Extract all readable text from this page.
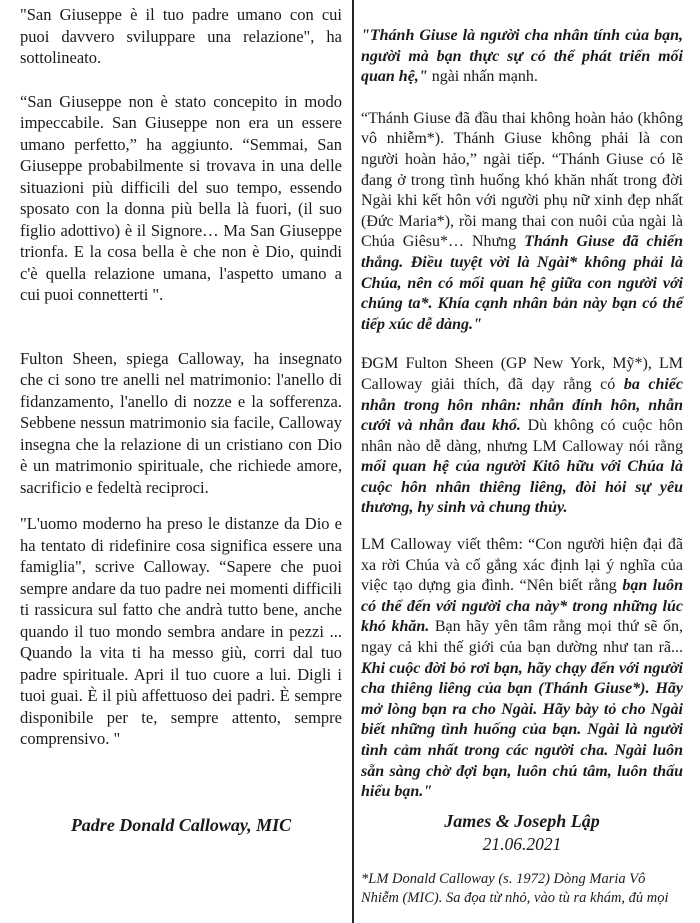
"San Giuseppe è il tuo padre umano con cui puoi davvero sviluppare una relazione", ha sottolineato.

“San Giuseppe non è stato concepito in modo impeccabile. San Giuseppe non era un essere umano perfetto,” ha aggiunto. “Semmai, San Giuseppe probabilmente si trovava in una delle situazioni più difficili del suo tempo, essendo sposato con la donna più bella là fuori, (il suo figlio adottivo) è il Signore… Ma San Giuseppe trionfa. E la cosa bella è che non è Dio, quindi c'è quella relazione umana, l'aspetto umano a cui puoi connetterti ".

Fulton Sheen, spiega Calloway, ha insegnato che ci sono tre anelli nel matrimonio: l'anello di fidanzamento, l'anello di nozze e la sofferenza. Sebbene nessun matrimonio sia facile, Calloway insegna che la relazione di un cristiano con Dio è un matrimonio spirituale, che richiede amore, sacrificio e fedeltà reciproci.

"L'uomo moderno ha preso le distanze da Dio e ha tentato di ridefinire cosa significa essere una famiglia", scrive Calloway. “Sapere che puoi sempre andare da tuo padre nei momenti difficili ti rassicura sul fatto che andrà tutto bene, anche quando il tuo mondo sembra andare in pezzi ... Quando la vita ti ha messo giù, corri dal tuo padre spirituale. Apri il tuo cuore a lui. Digli i tuoi guai. È il più affettuoso dei padri. È sempre disponibile per te, sempre attento, sempre comprensivo. "

Padre Donald Calloway, MIC

"Thánh Giuse là người cha nhân tính của bạn, người mà bạn thực sự có thể phát triển mối quan hệ," ngài nhấn mạnh.

“Thánh Giuse đã đầu thai không hoàn hảo (không vô nhiễm*). Thánh Giuse không phải là con người hoàn hảo,” ngài tiếp. “Thánh Giuse có lẽ đang ở trong tình huống khó khăn nhất trong đời Ngài khi kết hôn với người phụ nữ xinh đẹp nhất (Đức Maria*), rồi mang thai con nuôi của ngài là Chúa Giêsu*… Nhưng Thánh Giuse đã chiến thắng. Điều tuyệt vời là Ngài* không phải là Chúa, nên có mối quan hệ giữa con người với chúng ta*. Khía cạnh nhân bản này bạn có thể tiếp xúc dễ dàng."

ĐGM Fulton Sheen (GP New York, Mỹ*), LM Calloway giải thích, đã dạy rằng có ba chiếc nhẫn trong hôn nhân: nhẫn đính hôn, nhẫn cưới và nhẫn đau khổ. Dù không có cuộc hôn nhân nào dễ dàng, nhưng LM Calloway nói rằng mối quan hệ của người Kitô hữu với Chúa là cuộc hôn nhân thiêng liêng, đòi hỏi sự yêu thương, hy sinh và chung thủy.

LM Calloway viết thêm: “Con người hiện đại đã xa rời Chúa và cố gắng xác định lại ý nghĩa của việc tạo dựng gia đình. “Nên biết rằng bạn luôn có thể đến với người cha này* trong những lúc khó khăn. Bạn hãy yên tâm rằng mọi thứ sẽ ổn, ngay cả khi thế giới của bạn dường như tan rã... Khi cuộc đời bỏ rơi bạn, hãy chạy đến với người cha thiêng liêng của bạn (Thánh Giuse*). Hãy mở lòng bạn ra cho Ngài. Hãy bày tỏ cho Ngài biết những tình huống của bạn. Ngài là người tình cảm nhất trong các người cha. Ngài luôn sẵn sàng chờ đợi bạn, luôn chú tâm, luôn thấu hiểu bạn."

James & Joseph Lập
21.06.2021
*LM Donald Calloway (s. 1972) Dòng Maria Vô
Nhiễm (MIC). Sa đọa từ nhỏ, vào tù ra khám, đủ mọi
